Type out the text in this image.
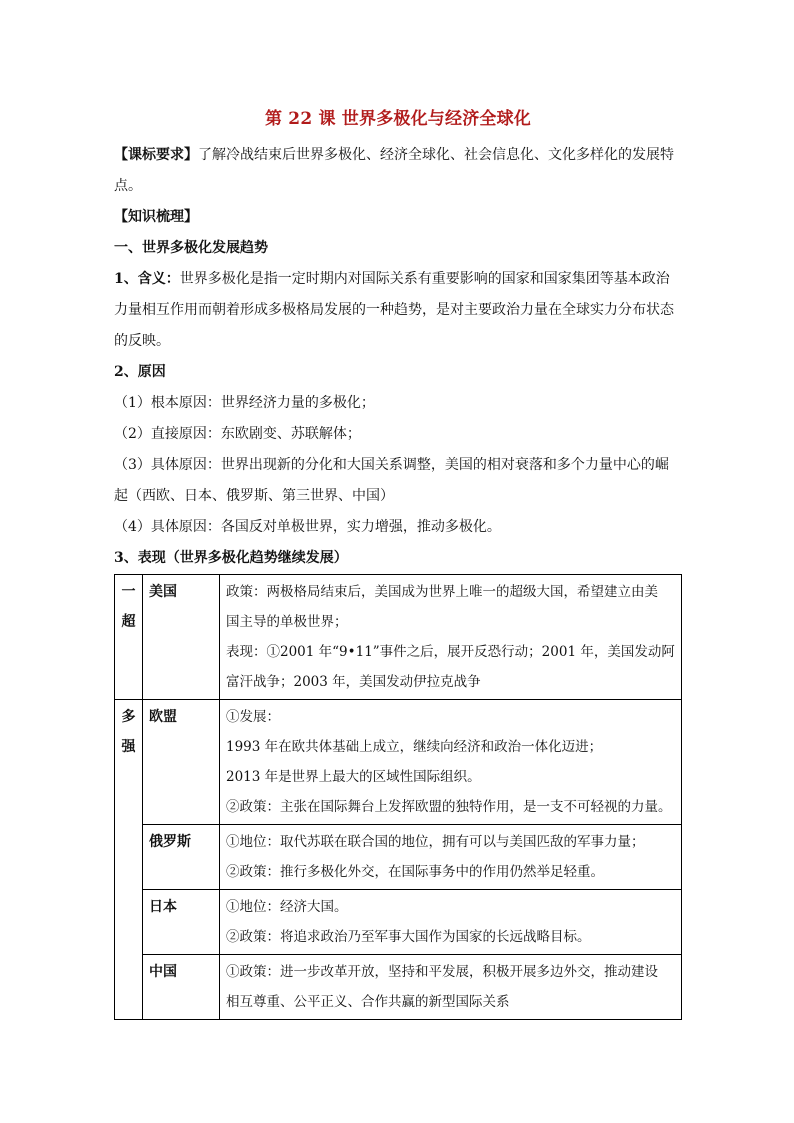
第 22 课 世界多极化与经济全球化
【课标要求】了解冷战结束后世界多极化、经济全球化、社会信息化、文化多样化的发展特
点。
【知识梳理】
一、世界多极化发展趋势
1、含义：世界多极化是指一定时期内对国际关系有重要影响的国家和国家集团等基本政治
力量相互作用而朝着形成多极格局发展的一种趋势，是对主要政治力量在全球实力分布状态
的反映。
2、原因
（1）根本原因：世界经济力量的多极化；
（2）直接原因：东欧剧变、苏联解体；
（3）具体原因：世界出现新的分化和大国关系调整，美国的相对衰落和多个力量中心的崛
起（西欧、日本、俄罗斯、第三世界、中国）
（4）具体原因：各国反对单极世界，实力增强，推动多极化。
3、表现（世界多极化趋势继续发展）
一
超	美国	政策：两极格局结束后，美国成为世界上唯一的超级大国，希望建立由美
国主导的单极世界；
表现：①2001 年“9•11”事件之后，展开反恐行动；2001 年，美国发动阿
富汗战争；2003 年，美国发动伊拉克战争

多
强	欧盟	①发展：
1993 年在欧共体基础上成立，继续向经济和政治一体化迈进；
2013 年是世界上最大的区域性国际组织。
②政策：主张在国际舞台上发挥欧盟的独特作用，是一支不可轻视的力量。

	俄罗斯	①地位：取代苏联在联合国的地位，拥有可以与美国匹敌的军事力量；
②政策：推行多极化外交，在国际事务中的作用仍然举足轻重。

	日本	①地位：经济大国。
②政策：将追求政治乃至军事大国作为国家的长远战略目标。

	中国	①政策：进一步改革开放，坚持和平发展，积极开展多边外交，推动建设
相互尊重、公平正义、合作共赢的新型国际关系
